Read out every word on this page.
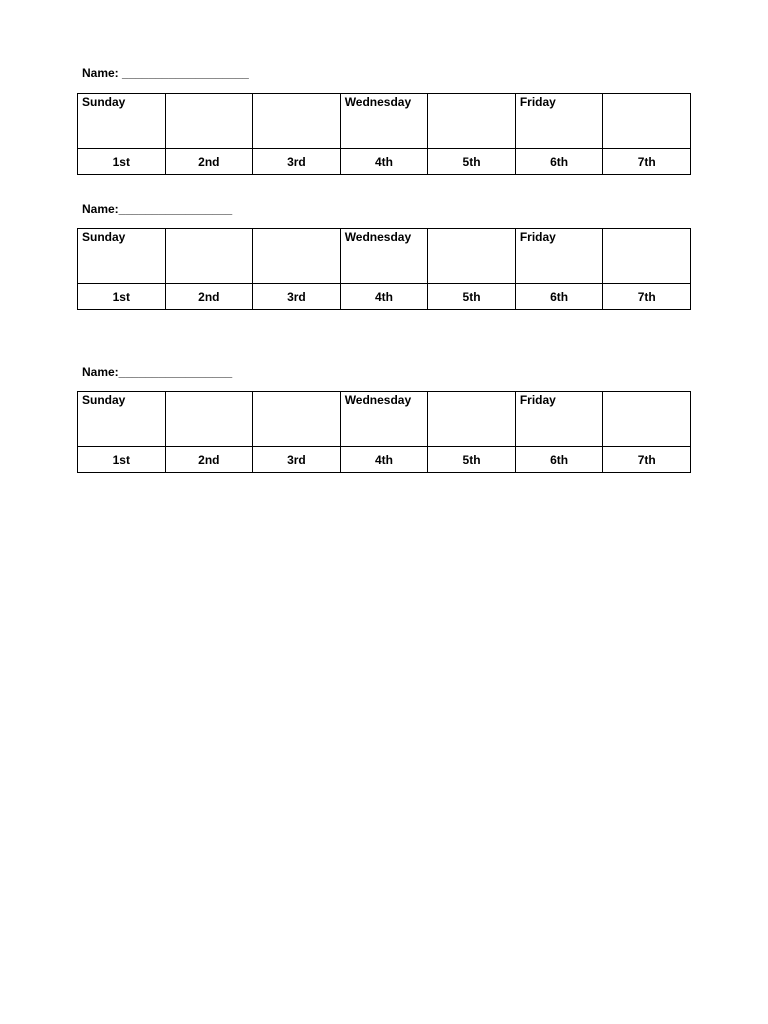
Name: ___________________
Sunday			Wednesday		Friday	

1st	2nd	3rd	4th	5th	6th	7th
Name:_________________
Sunday			Wednesday		Friday	

1st	2nd	3rd	4th	5th	6th	7th
Name:_________________
Sunday			Wednesday		Friday	

1st	2nd	3rd	4th	5th	6th	7th
